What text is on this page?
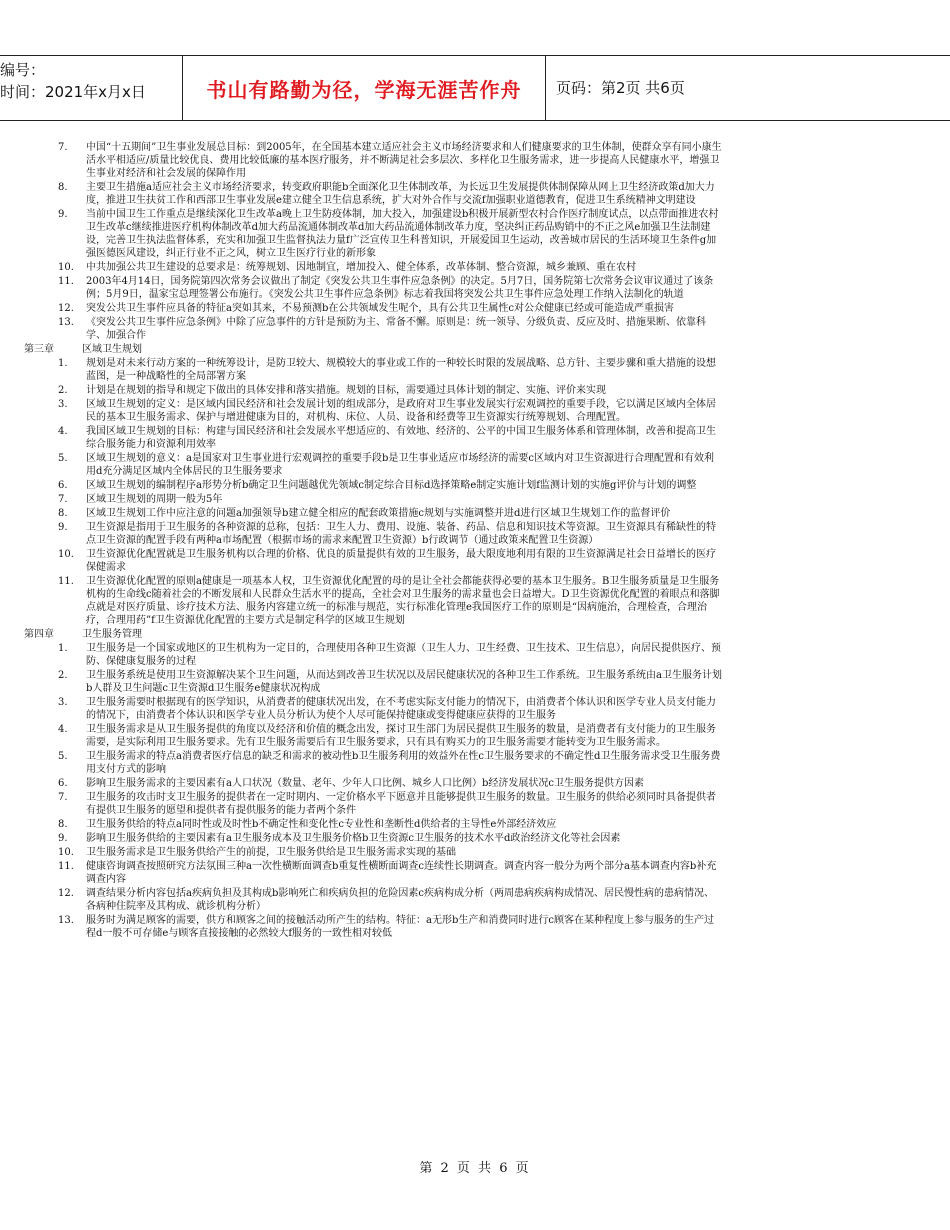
编号：
时间：2021年x月x日	书山有路勤为径，学海无涯苦作舟	页码：第2页 共6页
7.	中国“十五期间”卫生事业发展总目标：到2005年，在全国基本建立适应社会主义市场经济要求和人们健康要求的卫生体制，使群众享有同小康生活水平相适应/质量比较优良、费用比较低廉的基本医疗服务，并不断满足社会多层次、多样化卫生服务需求，进一步提高人民健康水平，增强卫生事业对经济和社会发展的保障作用
8.	主要卫生措施a适应社会主义市场经济要求，转变政府职能b全面深化卫生体制改革，为长远卫生发展提供体制保障从网上卫生经济政策d加大力度，推进卫生扶贫工作和西部卫生事业发展e建立健全卫生信息系统，扩大对外合作与交流f加强职业道德教育，促进卫生系统精神文明建设
9.	当前中国卫生工作重点是继续深化卫生改革a晚上卫生防疫体制，加大投入，加强建设b积极开展新型农村合作医疗制度试点，以点带面推进农村卫生改革c继续推进医疗机构体制改革d加大药品流通体制改革d加大药品流通体制改革力度，坚决纠正药品购销中的不正之风e加强卫生法制建设，完善卫生执法监督体系，充实和加强卫生监督执法力量f广泛宣传卫生科普知识，开展爱国卫生运动，改善城市居民的生活环境卫生条件g加强医德医风建设，纠正行业不正之风，树立卫生医疗行业的新形象
10.	中共加强公共卫生建设的总要求是：统筹规划、因地制宜，增加投入、健全体系，改革体制、整合资源，城乡兼顾、重在农村
11.	2003年4月14日，国务院第四次常务会议做出了制定《突发公共卫生事件应急条例》的决定。5月7日，国务院第七次常务会议审议通过了该条例；5月9日，温家宝总理签署公布施行。《突发公共卫生事件应急条例》标志着我国将突发公共卫生事件应急处理工作纳入法制化的轨道
12.	突发公共卫生事件应具备的特征a突如其来，不易预测b在公共领域发生呢个，具有公共卫生属性c对公众健康已经或可能造成严重损害
13.	《突发公共卫生事件应急条例》中除了应急事件的方针是预防为主、常备不懈。原则是：统一领导、分级负责、反应及时、措施果断、依靠科学、加强合作
第三章	区域卫生规划
1.	规划是对未来行动方案的一种统筹设计，是防卫较大、规模较大的事业或工作的一种较长时限的发展战略、总方针、主要步骤和重大措施的设想蓝图，是一种战略性的全局部署方案
2.	计划是在规划的指导和规定下做出的具体安排和落实措施。规划的目标，需要通过具体计划的制定、实施、评价来实现
3.	区域卫生规划的定义：是区域内国民经济和社会发展计划的组成部分，是政府对卫生事业发展实行宏观调控的重要手段，它以满足区域内全体居民的基本卫生服务需求、保护与增进健康为目的，对机构、床位、人员、设备和经费等卫生资源实行统筹规划、合理配置。
4.	我国区域卫生规划的目标：构建与国民经济和社会发展水平想适应的、有效地、经济的、公平的中国卫生服务体系和管理体制，改善和提高卫生综合服务能力和资源利用效率
5.	区域卫生规划的意义：a是国家对卫生事业进行宏观调控的重要手段b是卫生事业适应市场经济的需要c区域内对卫生资源进行合理配置和有效利用d充分满足区域内全体居民的卫生服务要求
6.	区域卫生规划的编制程序a形势分析b确定卫生问题越优先领域c制定综合目标d选择策略e制定实施计划f监测计划的实施g评价与计划的调整
7.	区域卫生规划的周期一般为5年
8.	区域卫生规划工作中应注意的问题a加强领导b建立健全相应的配套政策措施c规划与实施调整并进d进行区域卫生规划工作的监督评价
9.	卫生资源是指用于卫生服务的各种资源的总称，包括：卫生人力、费用、设施、装备、药品、信息和知识技术等资源。卫生资源具有稀缺性的特点卫生资源的配置手段有两种a市场配置（根据市场的需求来配置卫生资源）b行政调节（通过政策来配置卫生资源）
10.	卫生资源优化配置就是卫生服务机构以合理的价格、优良的质量提供有效的卫生服务，最大限度地利用有限的卫生资源满足社会日益增长的医疗保健需求
11.	卫生资源优化配置的原则a健康是一项基本人权，卫生资源优化配置的母的是让全社会都能获得必要的基本卫生服务。B卫生服务质量是卫生服务机构的生命线c随着社会的不断发展和人民群众生活水平的提高，全社会对卫生服务的需求量也会日益增大。D卫生资源优化配置的着眼点和落脚点就是对医疗质量、诊疗技术方法、服务内容建立统一的标准与规范，实行标准化管理e我国医疗工作的原则是“因病施治，合理检查，合理治疗，合理用药”f卫生资源优化配置的主要方式是制定科学的区域卫生规划
第四章	卫生服务管理
1.	卫生服务是一个国家或地区的卫生机构为一定目的，合理使用各种卫生资源（卫生人力、卫生经费、卫生技术、卫生信息），向居民提供医疗、预防、保健康复服务的过程
2.	卫生服务系统是使用卫生资源解决某个卫生问题，从而达到改善卫生状况以及居民健康状况的各种卫生工作系统。卫生服务系统由a卫生服务计划b人群及卫生问题c卫生资源d卫生服务e健康状况构成
3.	卫生服务需要时根据现有的医学知识，从消费者的健康状况出发，在不考虑实际支付能力的情况下，由消费者个体认识和医学专业人员支付能力的情况下，由消费者个体认识和医学专业人员分析认为使个人尽可能保持健康或变得健康应获得的卫生服务
4.	卫生服务需求是从卫生服务提供的角度以及经济和价值的概念出发，探讨卫生部门为居民提供卫生服务的数量，是消费者有支付能力的卫生服务需要，是实际利用卫生服务要求。先有卫生服务需要后有卫生服务要求，只有具有购买力的卫生服务需要才能转变为卫生服务需求。
5.	卫生服务需求的特点a消费者医疗信息的缺乏和需求的被动性b卫生服务利用的效益外在性c卫生服务要求的不确定性d卫生服务需求受卫生服务费用支付方式的影响
6.	影响卫生服务需求的主要因素有a人口状况（数量、老年、少年人口比例、城乡人口比例）b经济发展状况c卫生服务提供方因素
7.	卫生服务的攻击时支卫生服务的提供者在一定时期内、一定价格水平下愿意并且能够提供卫生服务的数量。卫生服务的供给必须同时具备提供者有提供卫生服务的愿望和提供者有提供服务的能力者两个条件
8.	卫生服务供给的特点a同时性或及时性b不确定性和变化性c专业性和垄断性d供给者的主导性e外部经济效应
9.	影响卫生服务供给的主要因素有a卫生服务成本及卫生服务价格b卫生资源c卫生服务的技术水平d政治经济文化等社会因素
10.	卫生服务需求是卫生服务供给产生的前提，卫生服务供给是卫生服务需求实现的基础
11.	健康咨询调查按照研究方法氛围三种a一次性横断面调查b重复性横断面调查c连续性长期调查。调查内容一般分为两个部分a基本调查内容b补充调查内容
12.	调查结果分析内容包括a疾病负担及其构成b影响死亡和疾病负担的危险因素c疾病构成分析（两周患病疾病构成情况、居民慢性病的患病情况、各病种住院率及其构成、就诊机构分析）
13.	服务时为满足顾客的需要，供方和顾客之间的接触活动所产生的结构。特征：a无形b生产和消费同时进行c顾客在某种程度上参与服务的生产过程d一般不可存储e与顾客直接接触的必然较大f服务的一致性相对较低
第 2 页 共 6 页
